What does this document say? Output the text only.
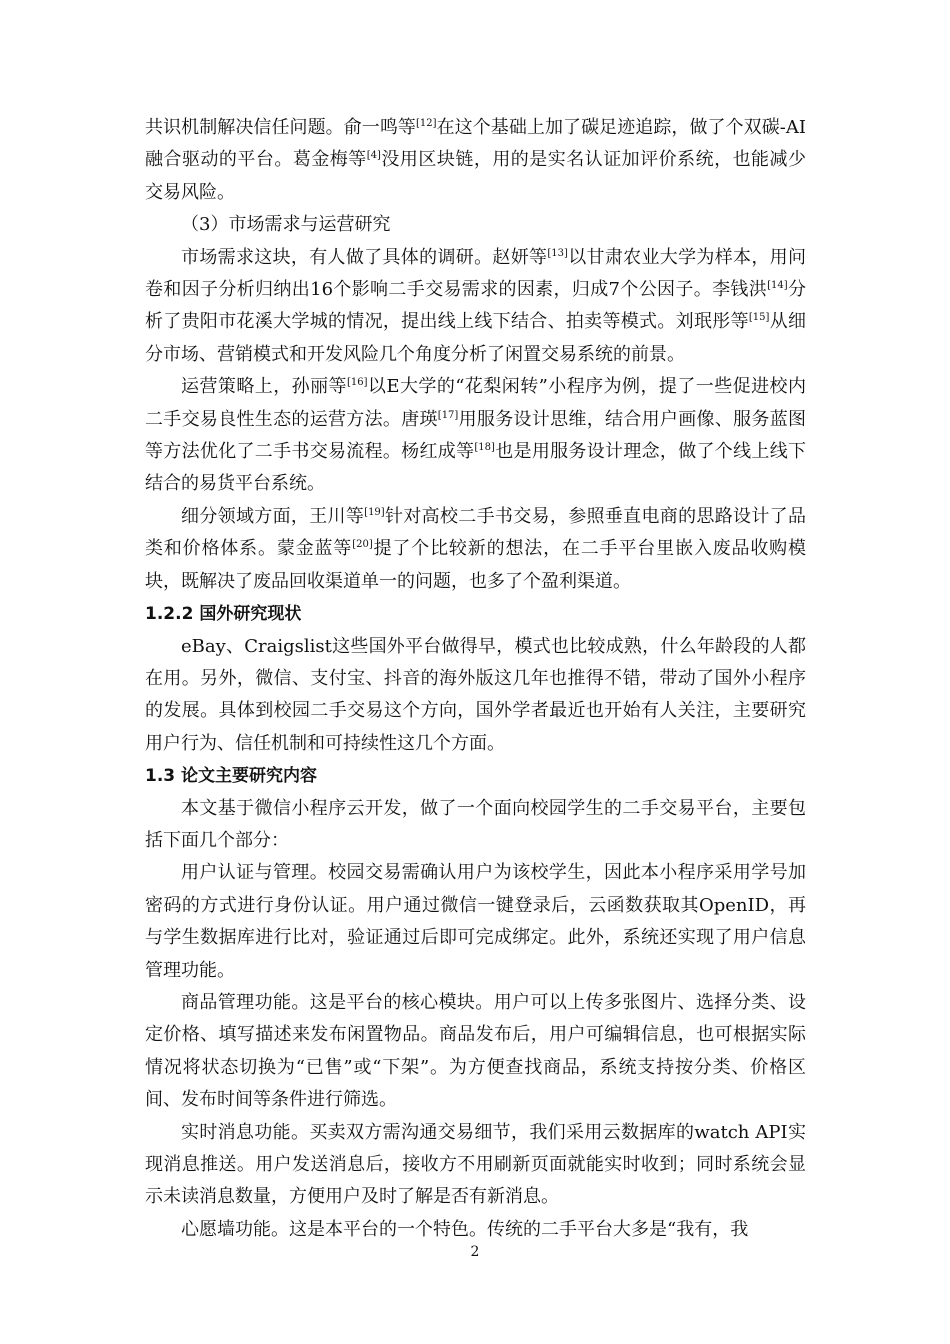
共识机制解决信任问题。俞一鸣等[12]在这个基础上加了碳足迹追踪，做了个双碳-AI融合驱动的平台。葛金梅等[4]没用区块链，用的是实名认证加评价系统，也能减少交易风险。

（3）市场需求与运营研究

市场需求这块，有人做了具体的调研。赵妍等[13]以甘肃农业大学为样本，用问卷和因子分析归纳出16个影响二手交易需求的因素，归成7个公因子。李钱洪[14]分析了贵阳市花溪大学城的情况，提出线上线下结合、拍卖等模式。刘珉彤等[15]从细分市场、营销模式和开发风险几个角度分析了闲置交易系统的前景。

运营策略上，孙丽等[16]以E大学的“花梨闲转”小程序为例，提了一些促进校内二手交易良性生态的运营方法。唐瑛[17]用服务设计思维，结合用户画像、服务蓝图等方法优化了二手书交易流程。杨红成等[18]也是用服务设计理念，做了个线上线下结合的易货平台系统。

细分领域方面，王川等[19]针对高校二手书交易，参照垂直电商的思路设计了品类和价格体系。蒙金蓝等[20]提了个比较新的想法，在二手平台里嵌入废品收购模块，既解决了废品回收渠道单一的问题，也多了个盈利渠道。

1.2.2 国外研究现状

eBay、Craigslist这些国外平台做得早，模式也比较成熟，什么年龄段的人都在用。另外，微信、支付宝、抖音的海外版这几年也推得不错，带动了国外小程序的发展。具体到校园二手交易这个方向，国外学者最近也开始有人关注，主要研究用户行为、信任机制和可持续性这几个方面。

1.3 论文主要研究内容

本文基于微信小程序云开发，做了一个面向校园学生的二手交易平台，主要包括下面几个部分：

用户认证与管理。校园交易需确认用户为该校学生，因此本小程序采用学号加密码的方式进行身份认证。用户通过微信一键登录后，云函数获取其OpenID，再与学生数据库进行比对，验证通过后即可完成绑定。此外，系统还实现了用户信息管理功能。

商品管理功能。这是平台的核心模块。用户可以上传多张图片、选择分类、设定价格、填写描述来发布闲置物品。商品发布后，用户可编辑信息，也可根据实际情况将状态切换为“已售”或“下架”。为方便查找商品，系统支持按分类、价格区间、发布时间等条件进行筛选。

实时消息功能。买卖双方需沟通交易细节，我们采用云数据库的watch API实现消息推送。用户发送消息后，接收方不用刷新页面就能实时收到；同时系统会显示未读消息数量，方便用户及时了解是否有新消息。

心愿墙功能。这是本平台的一个特色。传统的二手平台大多是“我有，我

2
